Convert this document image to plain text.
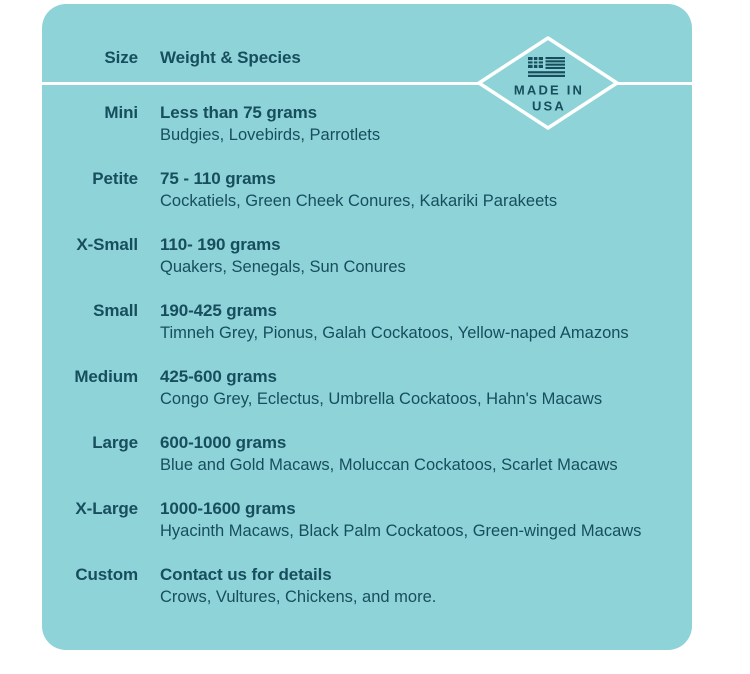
Size Weight & Species
MADE IN
USA
Mini Less than 75 grams
Budgies, Lovebirds, Parrotlets
Petite 75 - 110 grams
Cockatiels, Green Cheek Conures, Kakariki Parakeets
X-Small 110- 190 grams
Quakers, Senegals, Sun Conures
Small 190-425 grams
Timneh Grey, Pionus, Galah Cockatoos, Yellow-naped Amazons
Medium 425-600 grams
Congo Grey, Eclectus, Umbrella Cockatoos, Hahn's Macaws
Large 600-1000 grams
Blue and Gold Macaws, Moluccan Cockatoos, Scarlet Macaws
X-Large 1000-1600 grams
Hyacinth Macaws, Black Palm Cockatoos, Green-winged Macaws
Custom Contact us for details
Crows, Vultures, Chickens, and more.
